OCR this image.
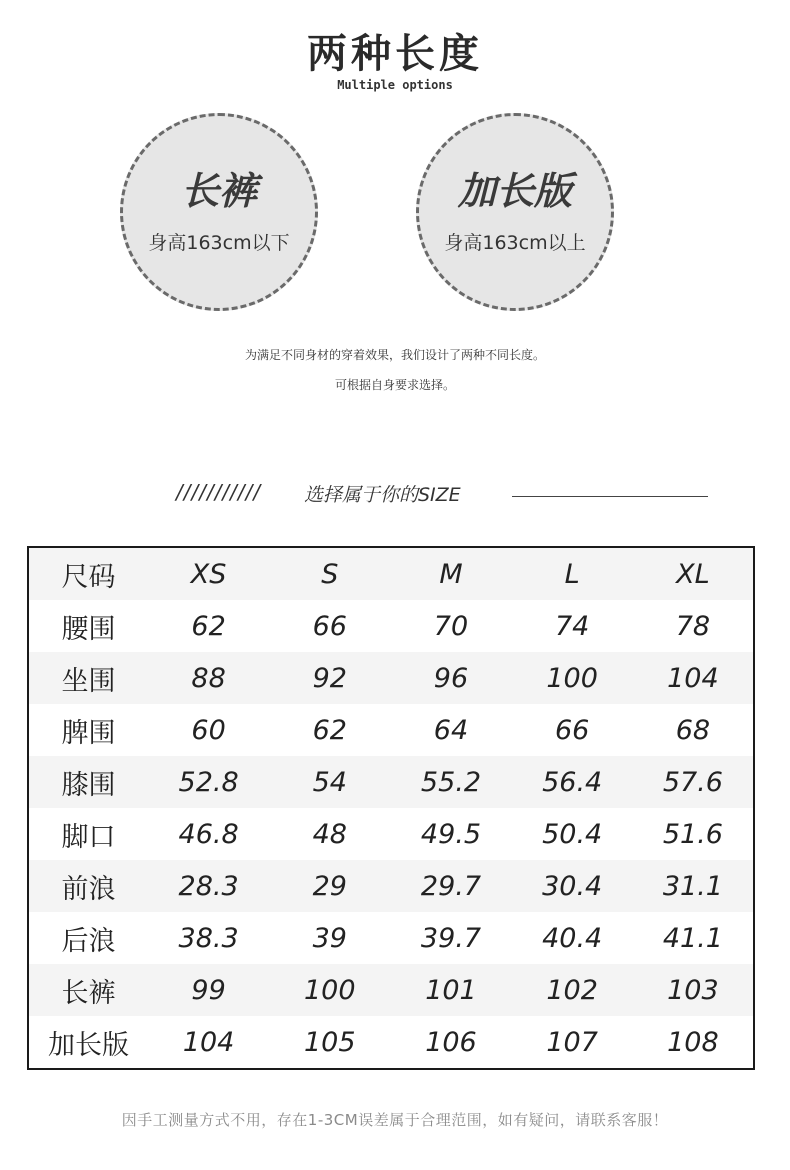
两种长度
Multiple options
长裤
身高163cm以下
加长版
身高163cm以上
为满足不同身材的穿着效果，我们设计了两种不同长度。
可根据自身要求选择。
/////////// 选择属于你的SIZE
尺码	XS	S	M	L	XL
腰围	62	66	70	74	78
坐围	88	92	96	100	104
脾围	60	62	64	66	68
膝围	52.8	54	55.2	56.4	57.6
脚口	46.8	48	49.5	50.4	51.6
前浪	28.3	29	29.7	30.4	31.1
后浪	38.3	39	39.7	40.4	41.1
长裤	99	100	101	102	103
加长版	104	105	106	107	108
因手工测量方式不用，存在1-3CM误差属于合理范围，如有疑问，请联系客服！
